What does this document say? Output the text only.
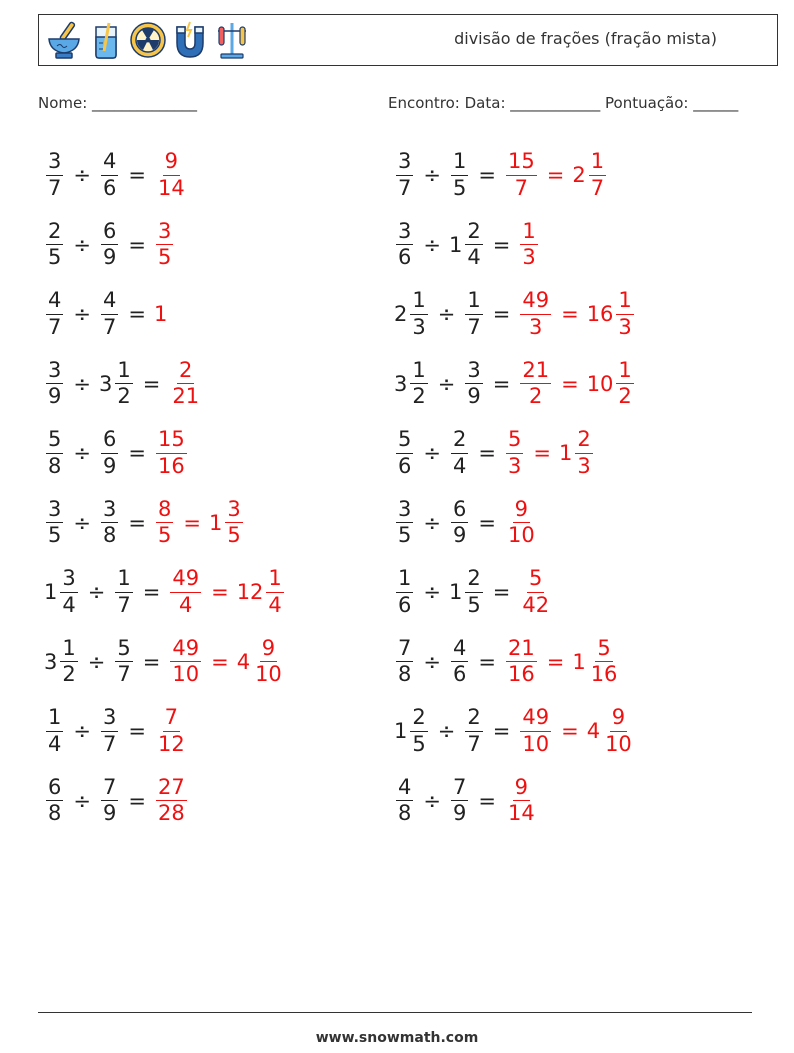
divisão de frações (fração mista)
Nome: ______________	Encontro: Data: ____________ Pontuação: ______
$\frac{3}{7} \div \frac{4}{6} = \frac{9}{14}$	$\frac{3}{7} \div \frac{1}{5} = \frac{15}{7} = 2 \frac{1}{7}$
$\frac{2}{5} \div \frac{6}{9} = \frac{3}{5}$	$\frac{3}{6} \div 1 \frac{2}{4} = \frac{1}{3}$
$\frac{4}{7} \div \frac{4}{7} = 1$	$2 \frac{1}{3} \div \frac{1}{7} = \frac{49}{3} = 16 \frac{1}{3}$
$\frac{3}{9} \div 3 \frac{1}{2} = \frac{2}{21}$	$3 \frac{1}{2} \div \frac{3}{9} = \frac{21}{2} = 10 \frac{1}{2}$
$\frac{5}{8} \div \frac{6}{9} = \frac{15}{16}$	$\frac{5}{6} \div \frac{2}{4} = \frac{5}{3} = 1 \frac{2}{3}$
$\frac{3}{5} \div \frac{3}{8} = \frac{8}{5} = 1 \frac{3}{5}$	$\frac{3}{5} \div \frac{6}{9} = \frac{9}{10}$
$1 \frac{3}{4} \div \frac{1}{7} = \frac{49}{4} = 12 \frac{1}{4}$	$\frac{1}{6} \div 1 \frac{2}{5} = \frac{5}{42}$
$3 \frac{1}{2} \div \frac{5}{7} = \frac{49}{10} = 4 \frac{9}{10}$	$\frac{7}{8} \div \frac{4}{6} = \frac{21}{16} = 1 \frac{5}{16}$
$\frac{1}{4} \div \frac{3}{7} = \frac{7}{12}$	$1 \frac{2}{5} \div \frac{2}{7} = \frac{49}{10} = 4 \frac{9}{10}$
$\frac{6}{8} \div \frac{7}{9} = \frac{27}{28}$	$\frac{4}{8} \div \frac{7}{9} = \frac{9}{14}$
www.snowmath.com
